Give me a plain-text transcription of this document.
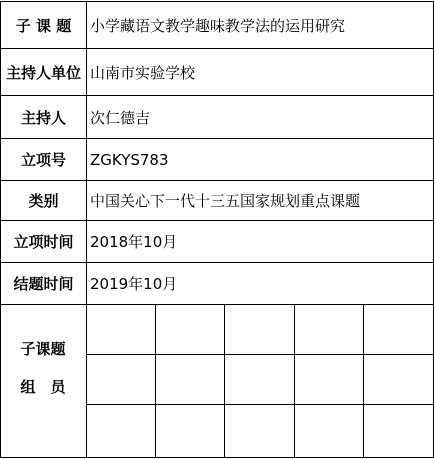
子 课 题	小学藏语文教学趣味教学法的运用研究
主持人单位 山南市实验学校
主持人	次仁德吉
立项号	ZGKYS783
类别	中国关心下一代十三五国家规划重点课题
立项时间	2018年10月
结题时间	2019年10月
子课题
组　员
